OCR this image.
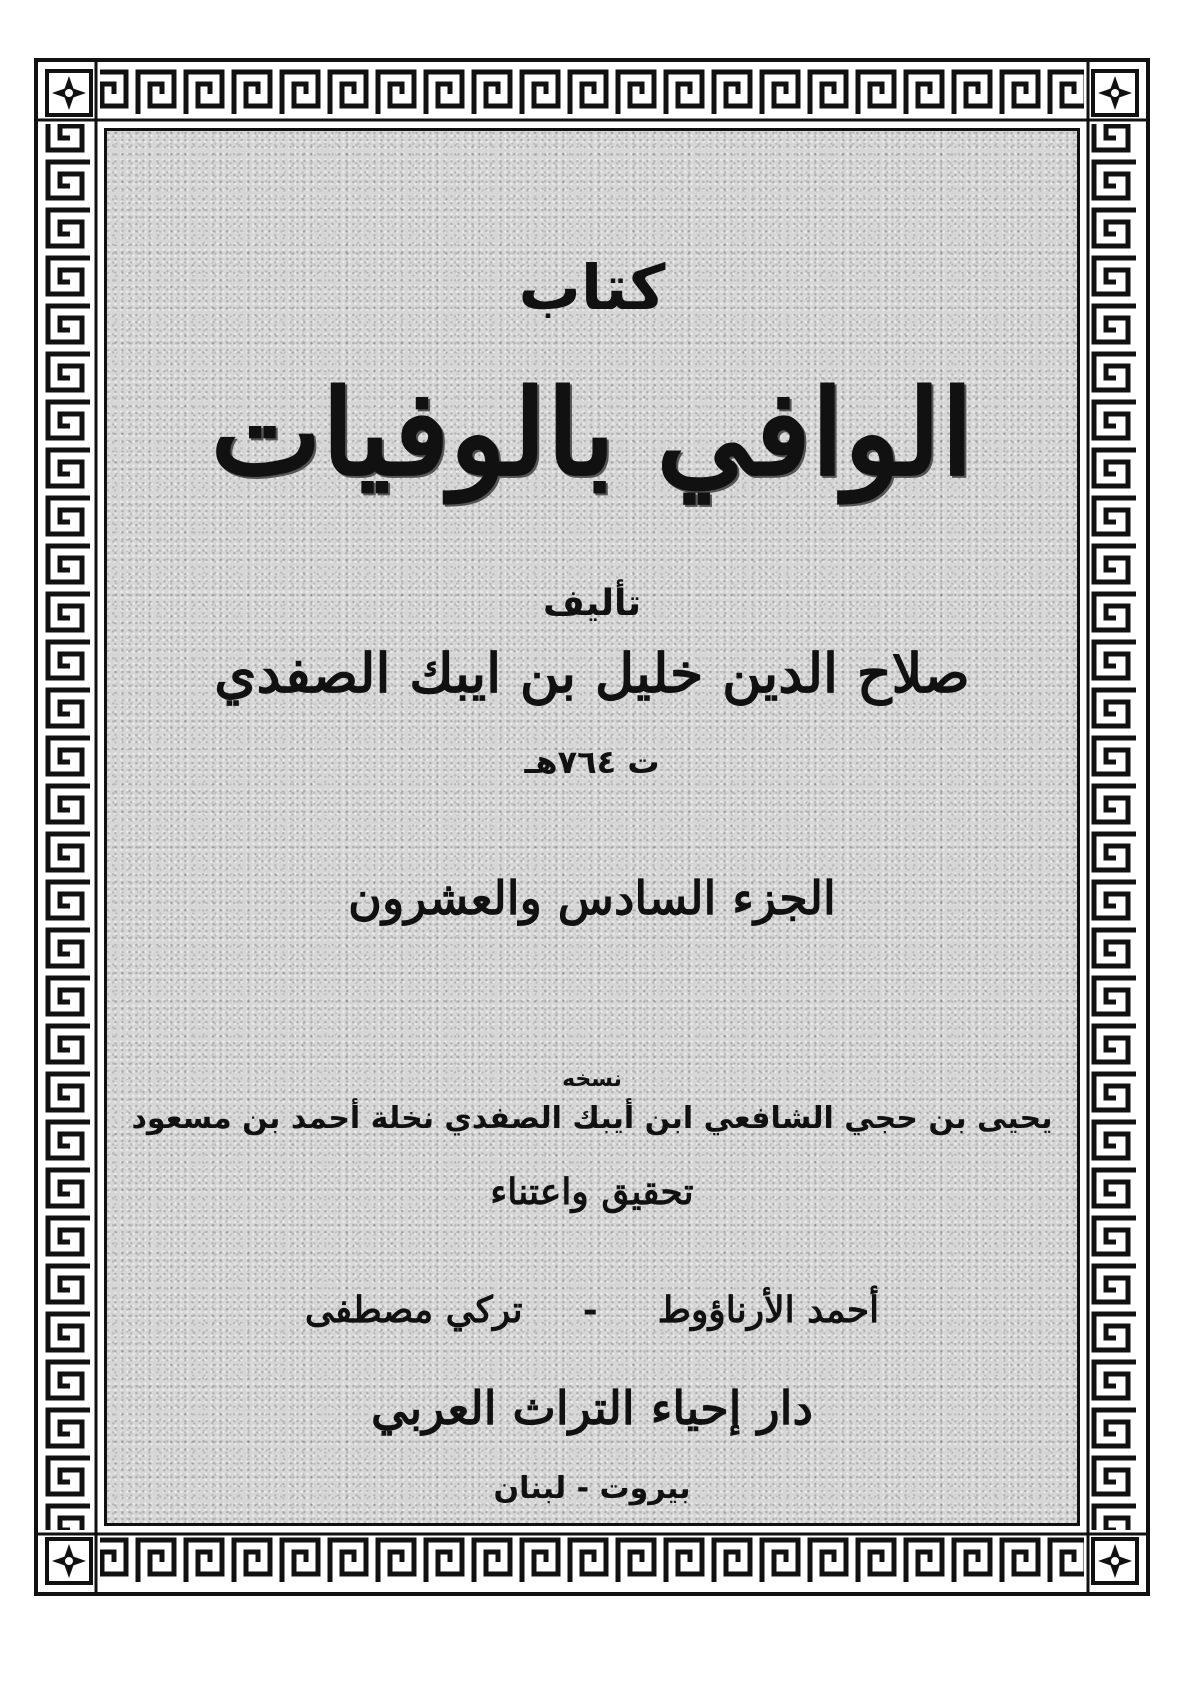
كتاب
الوافي بالوفيات
تأليف
صلاح الدين خليل بن ايبك الصفدي
ت ٧٦٤هـ
الجزء السادس والعشرون
نسخه
يحيى بن حجي الشافعي ابن أيبك الصفدي نخلة أحمد بن مسعود
تحقيق واعتناء
أحمد الأرناؤوط
-
تركي مصطفى
دار إحياء التراث العربي
بيروت - لبنان
